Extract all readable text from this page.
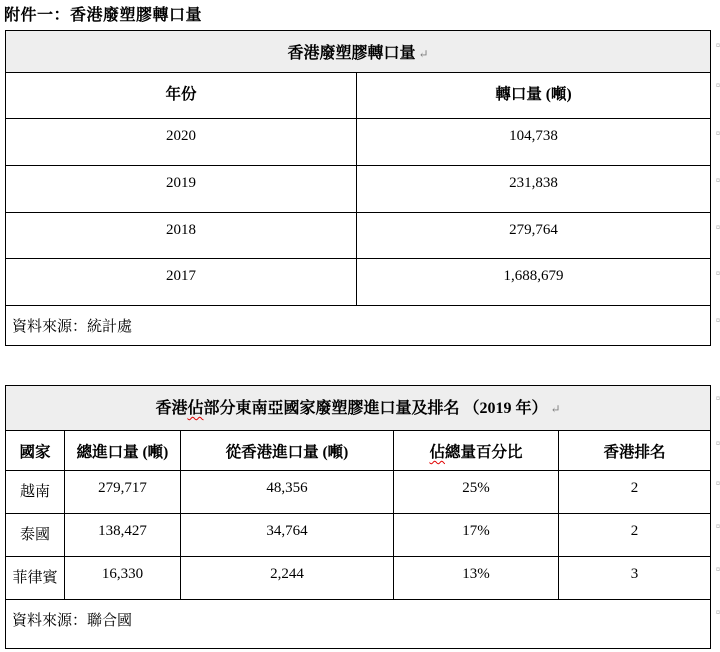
附件一：香港廢塑膠轉口量
香港廢塑膠轉口量 ↵	
年份	轉口量 (噸)
2020	104,738
2019	231,838
2018	279,764
2017	1,688,679
資料來源：統計處	
¤
¤
¤
¤
¤
¤
¤
香港佔部分東南亞國家廢塑膠進口量及排名 （2019 年） ↵				
國家	總進口量 (噸)	從香港進口量 (噸)	佔總量百分比	香港排名
越南	279,717	48,356	25%	2
泰國	138,427	34,764	17%	2
菲律賓	16,330	2,244	13%	3
資料來源：聯合國				
¤
¤
¤
¤
¤
¤
